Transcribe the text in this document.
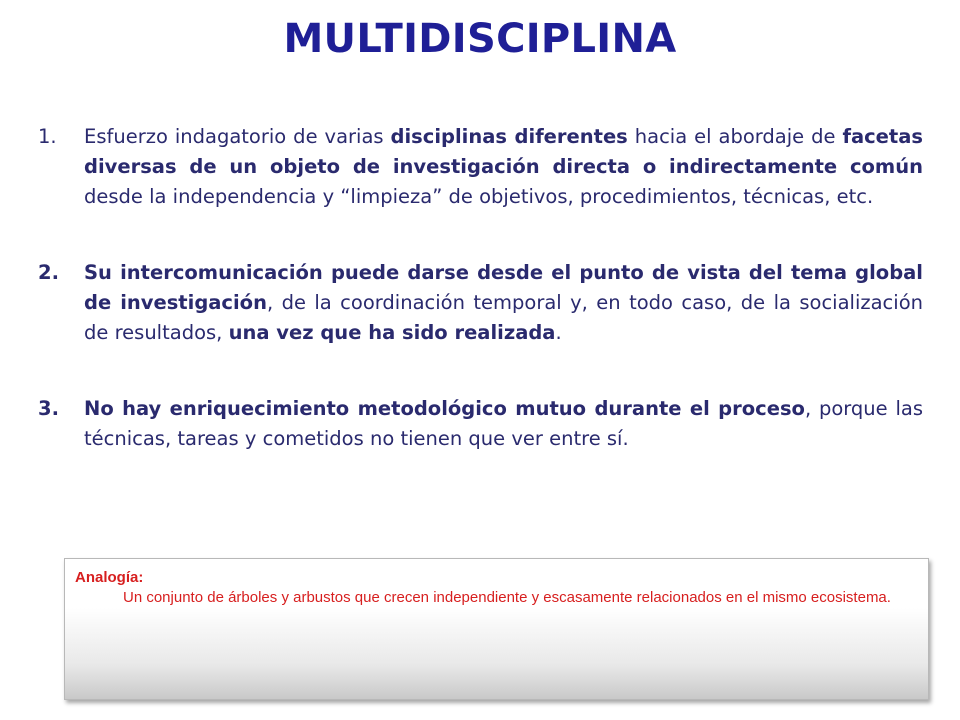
MULTIDISCIPLINA
1.	Esfuerzo indagatorio de varias disciplinas diferentes hacia el abordaje de facetas diversas de un objeto de investigación directa o indirectamente común desde la independencia y “limpieza” de objetivos, procedimientos, técnicas, etc.
2.	Su intercomunicación puede darse desde el punto de vista del tema global de investigación, de la coordinación temporal y, en todo caso, de la socialización de resultados, una vez que ha sido realizada.
3.	No hay enriquecimiento metodológico mutuo durante el proceso, porque las técnicas, tareas y cometidos no tienen que ver entre sí.
Analogía:
Un conjunto de árboles y arbustos que crecen independiente y escasamente relacionados en el mismo ecosistema.
